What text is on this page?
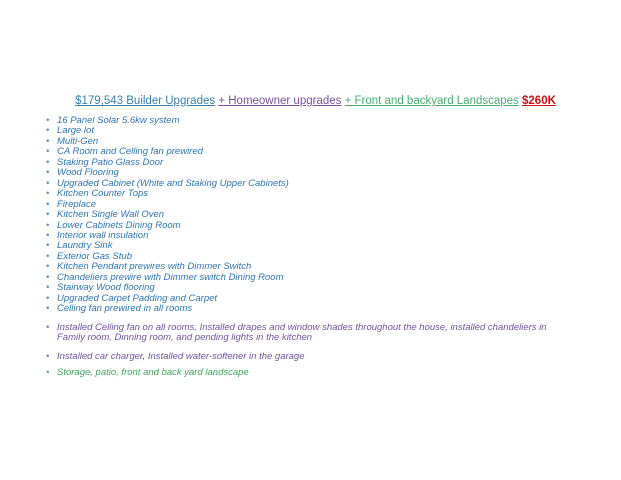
$179,543 Builder Upgrades + Homeowner upgrades + Front and backyard Landscapes $260K
• 16 Panel Solar 5.6kw system
• Large lot
• Multi-Gen
• CA Room and Celling fan prewired
• Staking Patio Glass Door
• Wood Flooring
• Upgraded Cabinet (White and Staking Upper Cabinets)
• Kitchen Counter Tops
• Fireplace
• Kitchen Single Wall Oven
• Lower Cabinets Dining Room
• Interior wall insulation
• Laundry Sink
• Exterior Gas Stub
• Kitchen Pendant prewires with Dimmer Switch
• Chandeliers prewire with Dimmer switch Dining Room
• Stairway Wood flooring
• Upgraded Carpet Padding and Carpet
• Celling fan prewired in all rooms
• Installed Celling fan on all rooms, Installed drapes and window shades throughout the house, installed chandeliers in Family room, Dinning room, and pending lights in the kitchen
• Installed car charger, Installed water-softener in the garage
• Storage, patio, front and back yard landscape
